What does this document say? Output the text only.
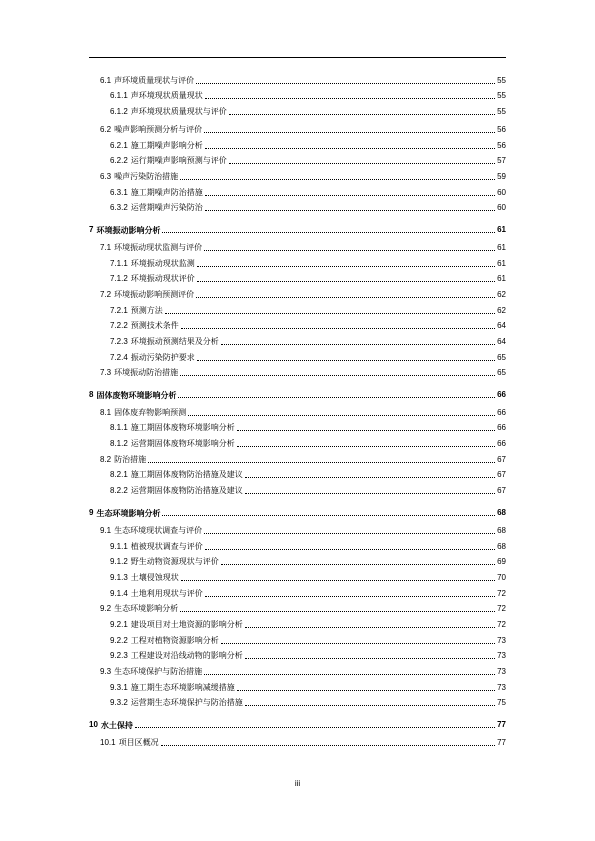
6.1 声环境质量现状与评价	55
6.1.1 声环境现状质量现状	55
6.1.2 声环境现状质量现状与评价	55
6.2 噪声影响预测分析与评价	56
6.2.1 施工期噪声影响分析	56
6.2.2 运行期噪声影响预测与评价	57
6.3 噪声污染防治措施	59
6.3.1 施工期噪声防治措施	60
6.3.2 运营期噪声污染防治	60
7 环境振动影响分析	61
7.1 环境振动现状监测与评价	61
7.1.1 环境振动现状监测	61
7.1.2 环境振动现状评价	61
7.2 环境振动影响预测评价	62
7.2.1 预测方法	62
7.2.2 预测技术条件	64
7.2.3 环境振动预测结果及分析	64
7.2.4 振动污染防护要求	65
7.3 环境振动防治措施	65
8 固体废物环境影响分析	66
8.1 固体废弃物影响预测	66
8.1.1 施工期固体废物环境影响分析	66
8.1.2 运营期固体废物环境影响分析	66
8.2 防治措施	67
8.2.1 施工期固体废物防治措施及建议	67
8.2.2 运营期固体废物防治措施及建议	67
9 生态环境影响分析	68
9.1 生态环境现状调查与评价	68
9.1.1 植被现状调查与评价	68
9.1.2 野生动物资源现状与评价	69
9.1.3 土壤侵蚀现状	70
9.1.4 土地利用现状与评价	72
9.2 生态环境影响分析	72
9.2.1 建设项目对土地资源的影响分析	72
9.2.2 工程对植物资源影响分析	73
9.2.3 工程建设对沿线动物的影响分析	73
9.3 生态环境保护与防治措施	73
9.3.1 施工期生态环境影响减缓措施	73
9.3.2 运营期生态环境保护与防治措施	75
10 水土保持	77
10.1 项目区概况	77
iii
